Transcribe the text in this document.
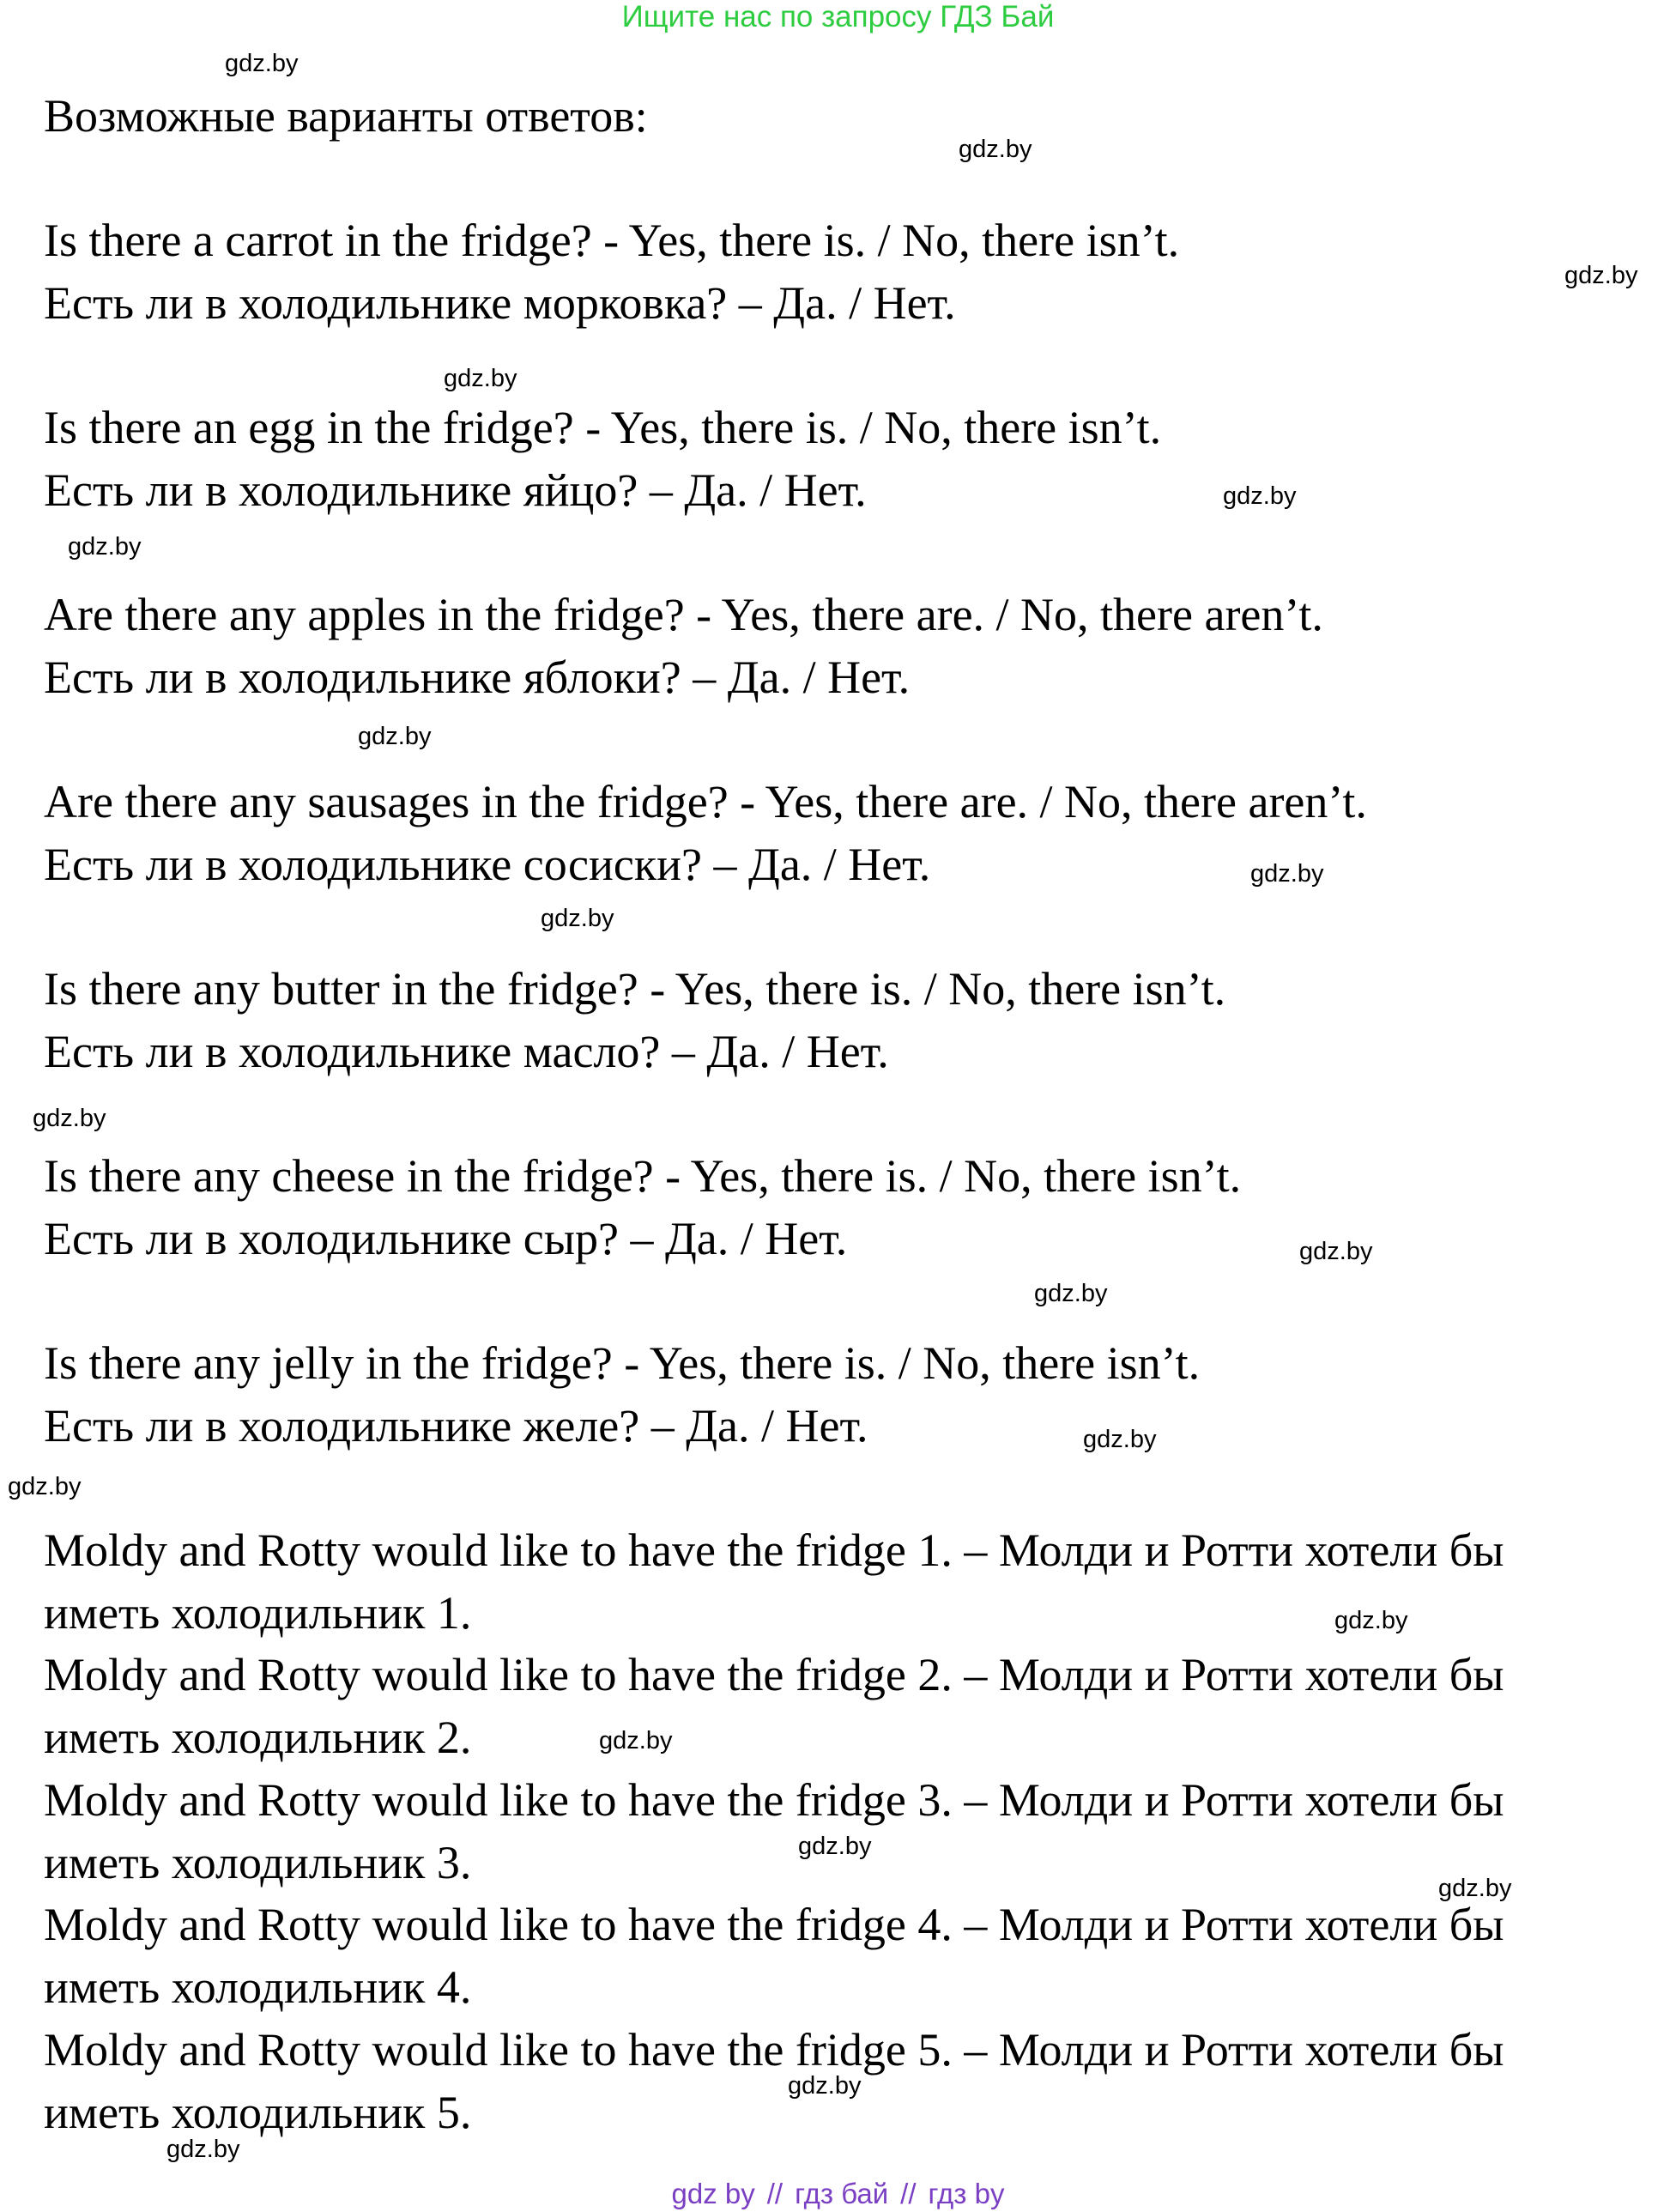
Ищите нас по запросу ГДЗ Бай
Возможные варианты ответов:
Is there a carrot in the fridge? - Yes, there is. / No, there isn’t.
Есть ли в холодильнике морковка? – Да. / Нет.
Is there an egg in the fridge? - Yes, there is. / No, there isn’t.
Есть ли в холодильнике яйцо? – Да. / Нет.
Are there any apples in the fridge? - Yes, there are. / No, there aren’t.
Есть ли в холодильнике яблоки? – Да. / Нет.
Are there any sausages in the fridge? - Yes, there are. / No, there aren’t.
Есть ли в холодильнике сосиски? – Да. / Нет.
Is there any butter in the fridge? - Yes, there is. / No, there isn’t.
Есть ли в холодильнике масло? – Да. / Нет.
Is there any cheese in the fridge? - Yes, there is. / No, there isn’t.
Есть ли в холодильнике сыр? – Да. / Нет.
Is there any jelly in the fridge? - Yes, there is. / No, there isn’t.
Есть ли в холодильнике желе? – Да. / Нет.
Moldy and Rotty would like to have the fridge 1. – Молди и Ротти хотели бы
иметь холодильник 1.
Moldy and Rotty would like to have the fridge 2. – Молди и Ротти хотели бы
иметь холодильник 2.
Moldy and Rotty would like to have the fridge 3. – Молди и Ротти хотели бы
иметь холодильник 3.
Moldy and Rotty would like to have the fridge 4. – Молди и Ротти хотели бы
иметь холодильник 4.
Moldy and Rotty would like to have the fridge 5. – Молди и Ротти хотели бы
иметь холодильник 5.
gdz.by
gdz.by
gdz.by
gdz.by
gdz.by
gdz.by
gdz.by
gdz.by
gdz.by
gdz.by
gdz.by
gdz.by
gdz.by
gdz.by
gdz.by
gdz.by
gdz.by
gdz.by
gdz.by
gdz.by
gdz by // гдз бай // гдз by
